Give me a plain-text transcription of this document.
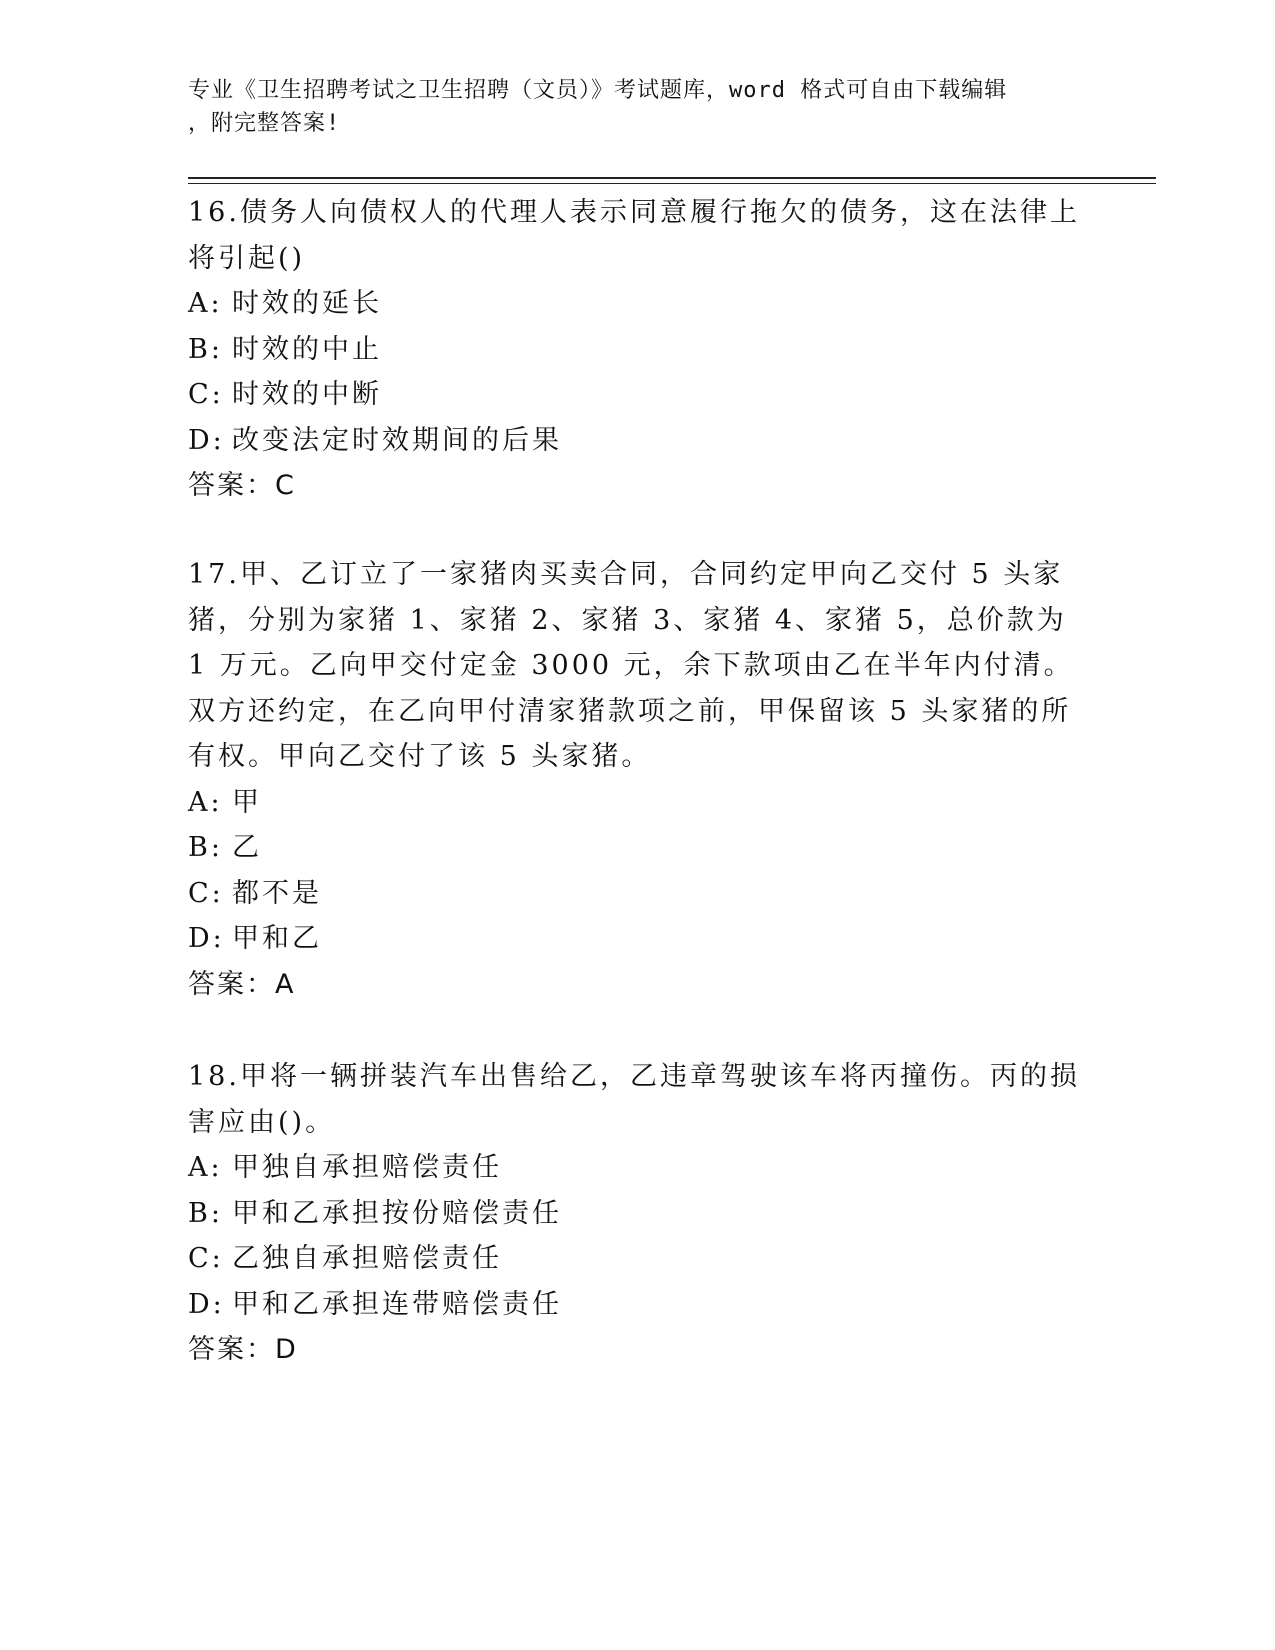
专业《卫生招聘考试之卫生招聘（文员）》考试题库，word 格式可自由下载编辑
，附完整答案!

16.债务人向债权人的代理人表示同意履行拖欠的债务，这在法律上将引起()

A: 时效的延长
B: 时效的中止
C: 时效的中断
D: 改变法定时效期间的后果
答案：C

17.甲、乙订立了一家猪肉买卖合同，合同约定甲向乙交付 5 头家猪，分别为家猪 1、家猪 2、家猪 3、家猪 4、家猪 5，总价款为 1 万元。乙向甲交付定金 3000 元，余下款项由乙在半年内付清。双方还约定，在乙向甲付清家猪款项之前，甲保留该 5 头家猪的所有权。甲向乙交付了该 5 头家猪。

A: 甲
B: 乙
C: 都不是
D: 甲和乙
答案：A

18.甲将一辆拼装汽车出售给乙，乙违章驾驶该车将丙撞伤。丙的损害应由()。

A: 甲独自承担赔偿责任
B: 甲和乙承担按份赔偿责任
C: 乙独自承担赔偿责任
D: 甲和乙承担连带赔偿责任
答案：D
